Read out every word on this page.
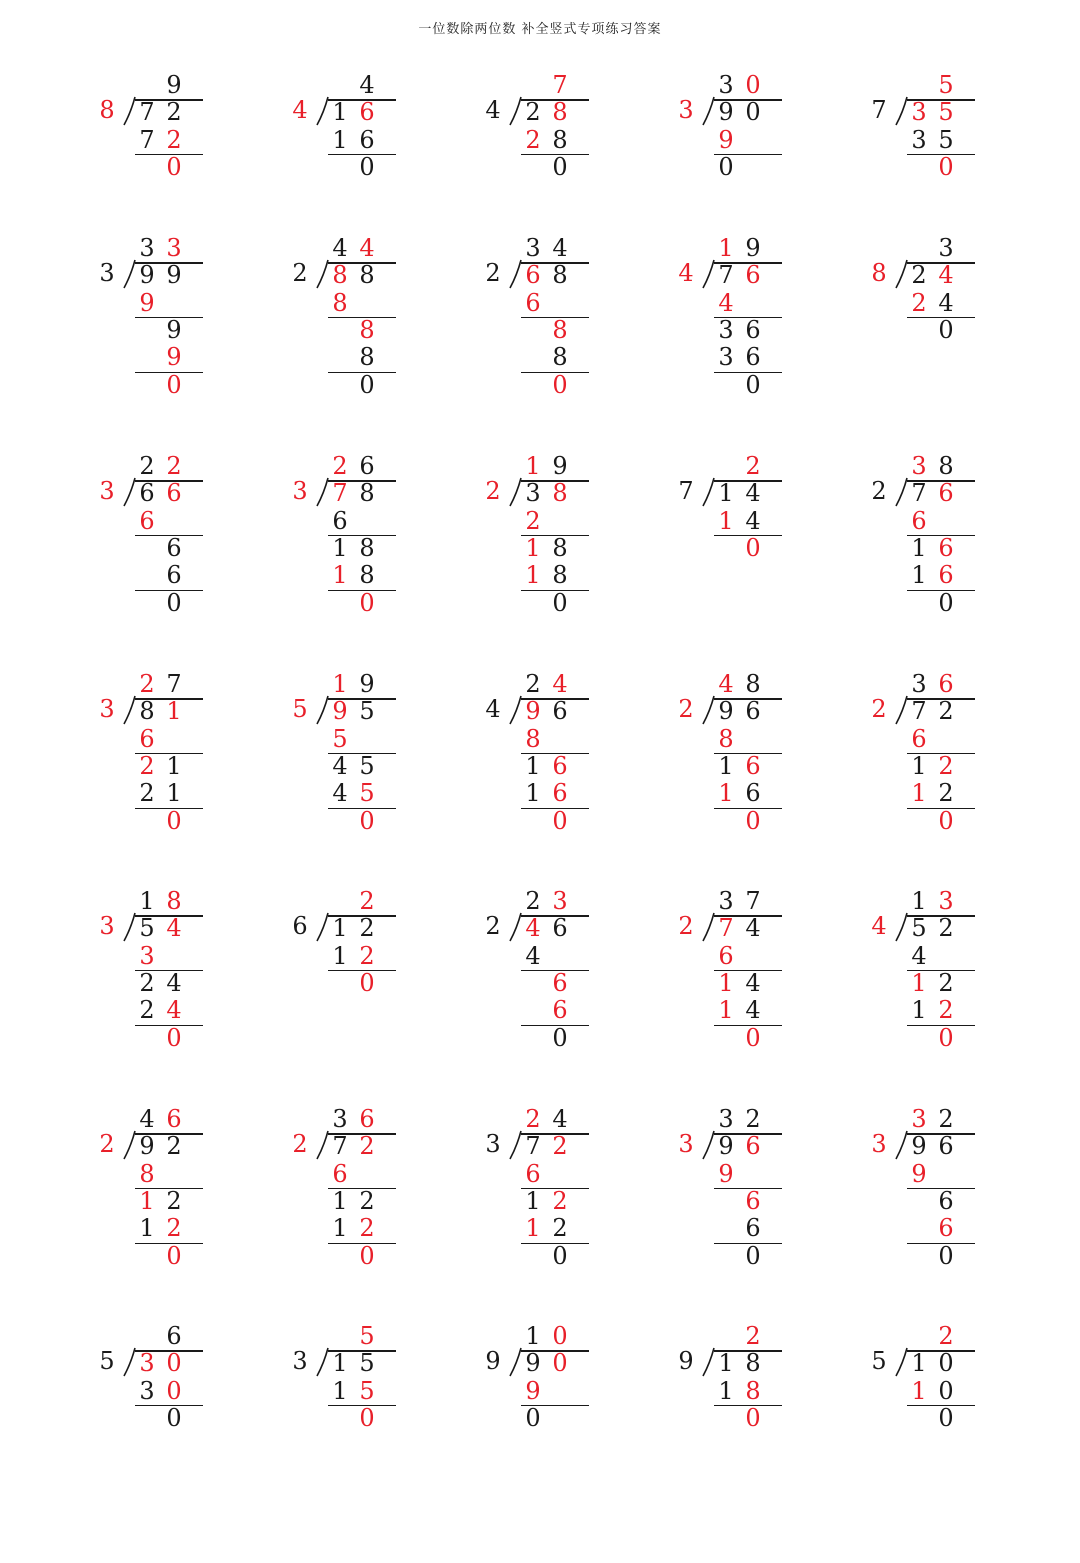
一位数除两位数 补全竖式专项练习答案
8
9
7 2
7 2
0
4
4
1 6
1 6
0
4
7
2 8
2 8
0
3
3 0
9 0
9
0
7
5
3 5
3 5
0
3
3 3
9 9
9
9
9
0
2
4 4
8 8
8
8
8
0
2
3 4
6 8
6
8
8
0
4
1 9
7 6
4
3 6
3 6
0
8
3
2 4
2 4
0
3
2 2
6 6
6
6
6
0
3
2 6
7 8
6
1 8
1 8
0
2
1 9
3 8
2
1 8
1 8
0
7
2
1 4
1 4
0
2
3 8
7 6
6
1 6
1 6
0
3
2 7
8 1
6
2 1
2 1
0
5
1 9
9 5
5
4 5
4 5
0
4
2 4
9 6
8
1 6
1 6
0
2
4 8
9 6
8
1 6
1 6
0
2
3 6
7 2
6
1 2
1 2
0
3
1 8
5 4
3
2 4
2 4
0
6
2
1 2
1 2
0
2
2 3
4 6
4
6
6
0
2
3 7
7 4
6
1 4
1 4
0
4
1 3
5 2
4
1 2
1 2
0
2
4 6
9 2
8
1 2
1 2
0
2
3 6
7 2
6
1 2
1 2
0
3
2 4
7 2
6
1 2
1 2
0
3
3 2
9 6
9
6
6
0
3
3 2
9 6
9
6
6
0
5
6
3 0
3 0
0
3
5
1 5
1 5
0
9
1 0
9 0
9
0
9
2
1 8
1 8
0
5
2
1 0
1 0
0
